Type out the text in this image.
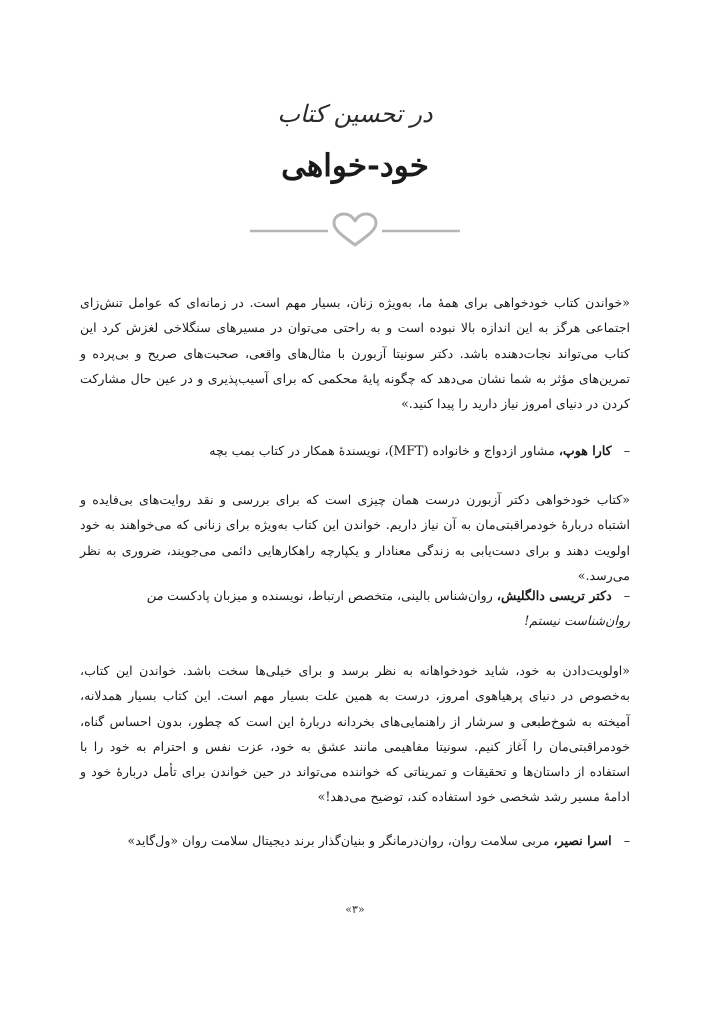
در تحسین کتاب
خود-خواهی
«خواندن کتاب خودخواهی برای همهٔ ما، به‌ویژه زنان، بسیار مهم است. در زمانه‌ای که عوامل تنش‌زای اجتماعی هرگز به این اندازه بالا نبوده است و به راحتی می‌توان در مسیرهای سنگلاخی لغزش کرد این کتاب می‌تواند نجات‌دهنده باشد. دکتر سونیتا آزبورن با مثال‌های واقعی، صحبت‌های صریح و بی‌پرده و تمرین‌های مؤثر به شما نشان می‌دهد که چگونه پایهٔ محکمی که برای آسیب‌پذیری و در عین حال مشارکت کردن در دنیای امروز نیاز دارید را پیدا کنید.»
– کارا هوپ، مشاور ازدواج و خانواده (MFT)، نویسندهٔ همکار در کتاب بمب بچه
«کتاب خودخواهی دکتر آزبورن درست همان چیزی است که برای بررسی و نقد روایت‌های بی‌فایده و اشتباه دربارهٔ خودمراقبتی‌مان به آن نیاز داریم. خواندن این کتاب به‌ویژه برای زنانی که می‌خواهند به خود اولویت دهند و برای دست‌یابی به زندگی معنادار و یکپارچه راهکارهایی دائمی می‌جویند، ضروری به نظر می‌رسد.»
– دکتر تریسی دالگلیش، روان‌شناس بالینی، متخصص ارتباط، نویسنده و میزبان پادکست من روان‌شناست نیستم!
«اولویت‌دادن به خود، شاید خودخواهانه به نظر برسد و برای خیلی‌ها سخت باشد. خواندن این کتاب، به‌خصوص در دنیای پرهیاهوی امروز، درست به همین علت بسیار مهم است. این کتاب بسیار همدلانه، آمیخته به شوخ‌طبعی و سرشار از راهنمایی‌های بخردانه دربارهٔ این است که چطور، بدون احساس گناه، خودمراقبتی‌مان را آغاز کنیم. سونیتا مفاهیمی مانند عشق به خود، عزت نفس و احترام به خود را با استفاده از داستان‌ها و تحقیقات و تمریناتی که خواننده می‌تواند در حین خواندن برای تأمل دربارهٔ خود و ادامهٔ مسیر رشد شخصی خود استفاده کند، توضیح می‌دهد!»
– اسرا نصیر، مربی سلامت روان، روان‌درمانگر و بنیان‌گذار برند دیجیتال سلامت روان «ول‌گاید»
«۳»
